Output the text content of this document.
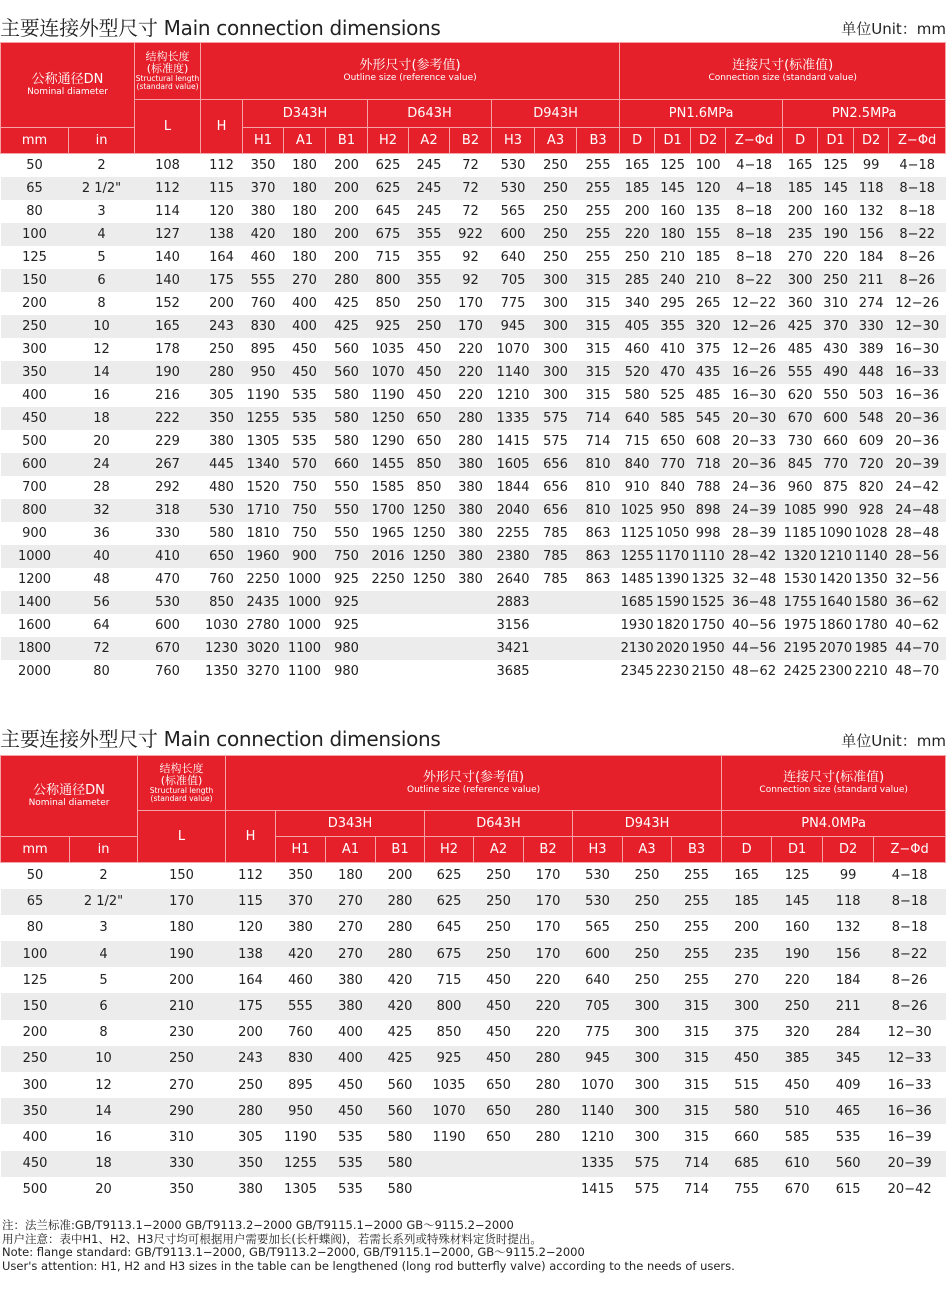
主要连接外型尺寸 Main connection dimensions	单位Unit：mm
公称通径DN
Nominal diameter		结构长度
(标准度)
Structural length
(standard value)	外形尺寸(参考值)
Outline size (reference value)										连接尺寸(标准值)
Connection size (standard value)							

		L	H	D343H			D643H			D943H			PN1.6MPa				PN2.5MPa			
mm	in			H1	A1	B1	H2	A2	B2	H3	A3	B3	D	D1	D2	Z−Φd	D	D1	D2	Z−Φd
50	2	108	112	350	180	200	625	245	72	530	250	255	165	125	100	4−18	165	125	99	4−18
65	2 1/2"	112	115	370	180	200	625	245	72	530	250	255	185	145	120	4−18	185	145	118	8−18
80	3	114	120	380	180	200	645	245	72	565	250	255	200	160	135	8−18	200	160	132	8−18
100	4	127	138	420	180	200	675	355	922	600	250	255	220	180	155	8−18	235	190	156	8−22
125	5	140	164	460	180	200	715	355	92	640	250	255	250	210	185	8−18	270	220	184	8−26
150	6	140	175	555	270	280	800	355	92	705	300	315	285	240	210	8−22	300	250	211	8−26
200	8	152	200	760	400	425	850	250	170	775	300	315	340	295	265	12−22	360	310	274	12−26
250	10	165	243	830	400	425	925	250	170	945	300	315	405	355	320	12−26	425	370	330	12−30
300	12	178	250	895	450	560	1035	450	220	1070	300	315	460	410	375	12−26	485	430	389	16−30
350	14	190	280	950	450	560	1070	450	220	1140	300	315	520	470	435	16−26	555	490	448	16−33
400	16	216	305	1190	535	580	1190	450	220	1210	300	315	580	525	485	16−30	620	550	503	16−36
450	18	222	350	1255	535	580	1250	650	280	1335	575	714	640	585	545	20−30	670	600	548	20−36
500	20	229	380	1305	535	580	1290	650	280	1415	575	714	715	650	608	20−33	730	660	609	20−36
600	24	267	445	1340	570	660	1455	850	380	1605	656	810	840	770	718	20−36	845	770	720	20−39
700	28	292	480	1520	750	550	1585	850	380	1844	656	810	910	840	788	24−36	960	875	820	24−42
800	32	318	530	1710	750	550	1700	1250	380	2040	656	810	1025	950	898	24−39	1085	990	928	24−48
900	36	330	580	1810	750	550	1965	1250	380	2255	785	863	1125	1050	998	28−39	1185	1090	1028	28−48
1000	40	410	650	1960	900	750	2016	1250	380	2380	785	863	1255	1170	1110	28−42	1320	1210	1140	28−56
1200	48	470	760	2250	1000	925	2250	1250	380	2640	785	863	1485	1390	1325	32−48	1530	1420	1350	32−56
1400	56	530	850	2435	1000	925				2883			1685	1590	1525	36−48	1755	1640	1580	36−62
1600	64	600	1030	2780	1000	925				3156			1930	1820	1750	40−56	1975	1860	1780	40−62
1800	72	670	1230	3020	1100	980				3421			2130	2020	1950	44−56	2195	2070	1985	44−70
2000	80	760	1350	3270	1100	980				3685			2345	2230	2150	48−62	2425	2300	2210	48−70
主要连接外型尺寸 Main connection dimensions	单位Unit：mm
公称通径DN
Nominal diameter		结构长度
(标准值)
Structural length
(standard value)	外形尺寸(参考值)
Outline size (reference value)										连接尺寸(标准值)
Connection size (standard value)			

		L	H	D343H			D643H			D943H			PN4.0MPa			
mm	in			H1	A1	B1	H2	A2	B2	H3	A3	B3	D	D1	D2	Z−Φd
50	2	150	112	350	180	200	625	250	170	530	250	255	165	125	99	4−18
65	2 1/2"	170	115	370	270	280	625	250	170	530	250	255	185	145	118	8−18
80	3	180	120	380	270	280	645	250	170	565	250	255	200	160	132	8−18
100	4	190	138	420	270	280	675	250	170	600	250	255	235	190	156	8−22
125	5	200	164	460	380	420	715	450	220	640	250	255	270	220	184	8−26
150	6	210	175	555	380	420	800	450	220	705	300	315	300	250	211	8−26
200	8	230	200	760	400	425	850	450	220	775	300	315	375	320	284	12−30
250	10	250	243	830	400	425	925	450	280	945	300	315	450	385	345	12−33
300	12	270	250	895	450	560	1035	650	280	1070	300	315	515	450	409	16−33
350	14	290	280	950	450	560	1070	650	280	1140	300	315	580	510	465	16−36
400	16	310	305	1190	535	580	1190	650	280	1210	300	315	660	585	535	16−39
450	18	330	350	1255	535	580				1335	575	714	685	610	560	20−39
500	20	350	380	1305	535	580				1415	575	714	755	670	615	20−42
注：法兰标准:GB/T9113.1−2000 GB/T9113.2−2000 GB/T9115.1−2000 GB～9115.2−2000
用户注意：表中H1、H2、H3尺寸均可根据用户需要加长(长杆蝶阀)，若需长系列或特殊材料定货时提出。
Note: flange standard: GB/T9113.1−2000, GB/T9113.2−2000, GB/T9115.1−2000, GB～9115.2−2000
User's attention: H1, H2 and H3 sizes in the table can be lengthened (long rod butterfly valve) according to the needs of users.
